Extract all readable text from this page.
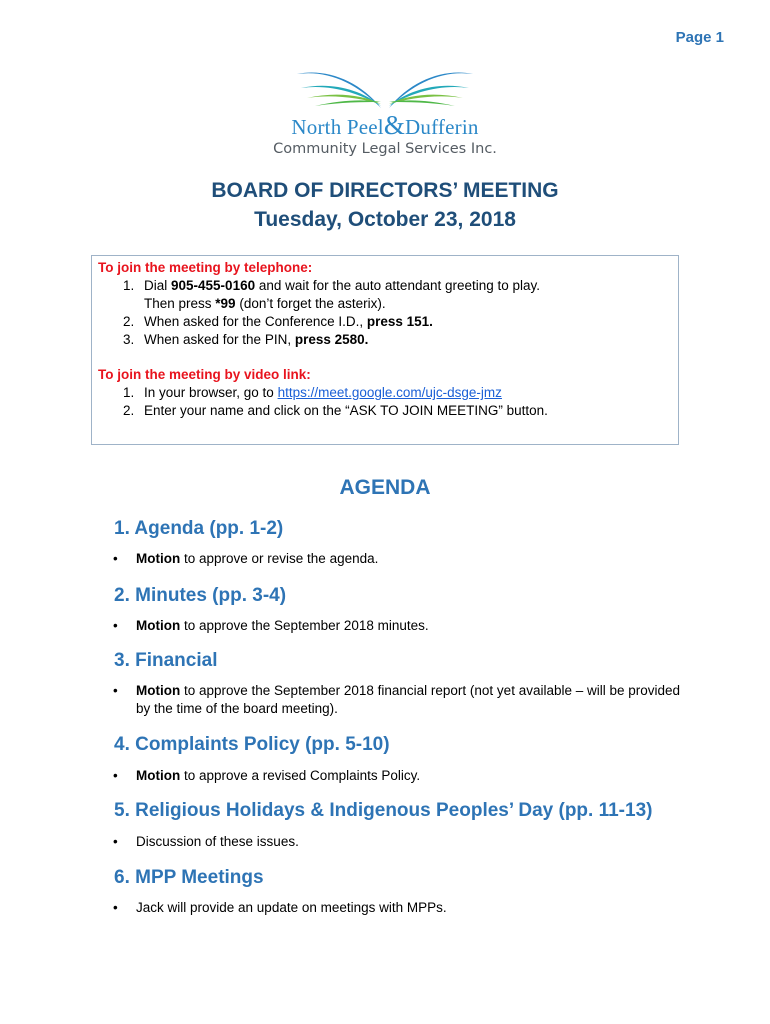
Page 1
North Peel&Dufferin
Community Legal Services Inc.
BOARD OF DIRECTORS’ MEETING
Tuesday, October 23, 2018
To join the meeting by telephone:
1. Dial 905-455-0160 and wait for the auto attendant greeting to play.
Then press *99 (don’t forget the asterix).
2. When asked for the Conference I.D., press 151.
3. When asked for the PIN, press 2580.
To join the meeting by video link:
1. In your browser, go to https://meet.google.com/ujc-dsge-jmz
2. Enter your name and click on the “ASK TO JOIN MEETING” button.
AGENDA
1. Agenda (pp. 1-2)
• Motion to approve or revise the agenda.
2. Minutes (pp. 3-4)
• Motion to approve the September 2018 minutes.
3. Financial
• Motion to approve the September 2018 financial report (not yet available – will be provided by the time of the board meeting).
4. Complaints Policy (pp. 5-10)
• Motion to approve a revised Complaints Policy.
5. Religious Holidays & Indigenous Peoples’ Day (pp. 11-13)
• Discussion of these issues.
6. MPP Meetings
• Jack will provide an update on meetings with MPPs.
